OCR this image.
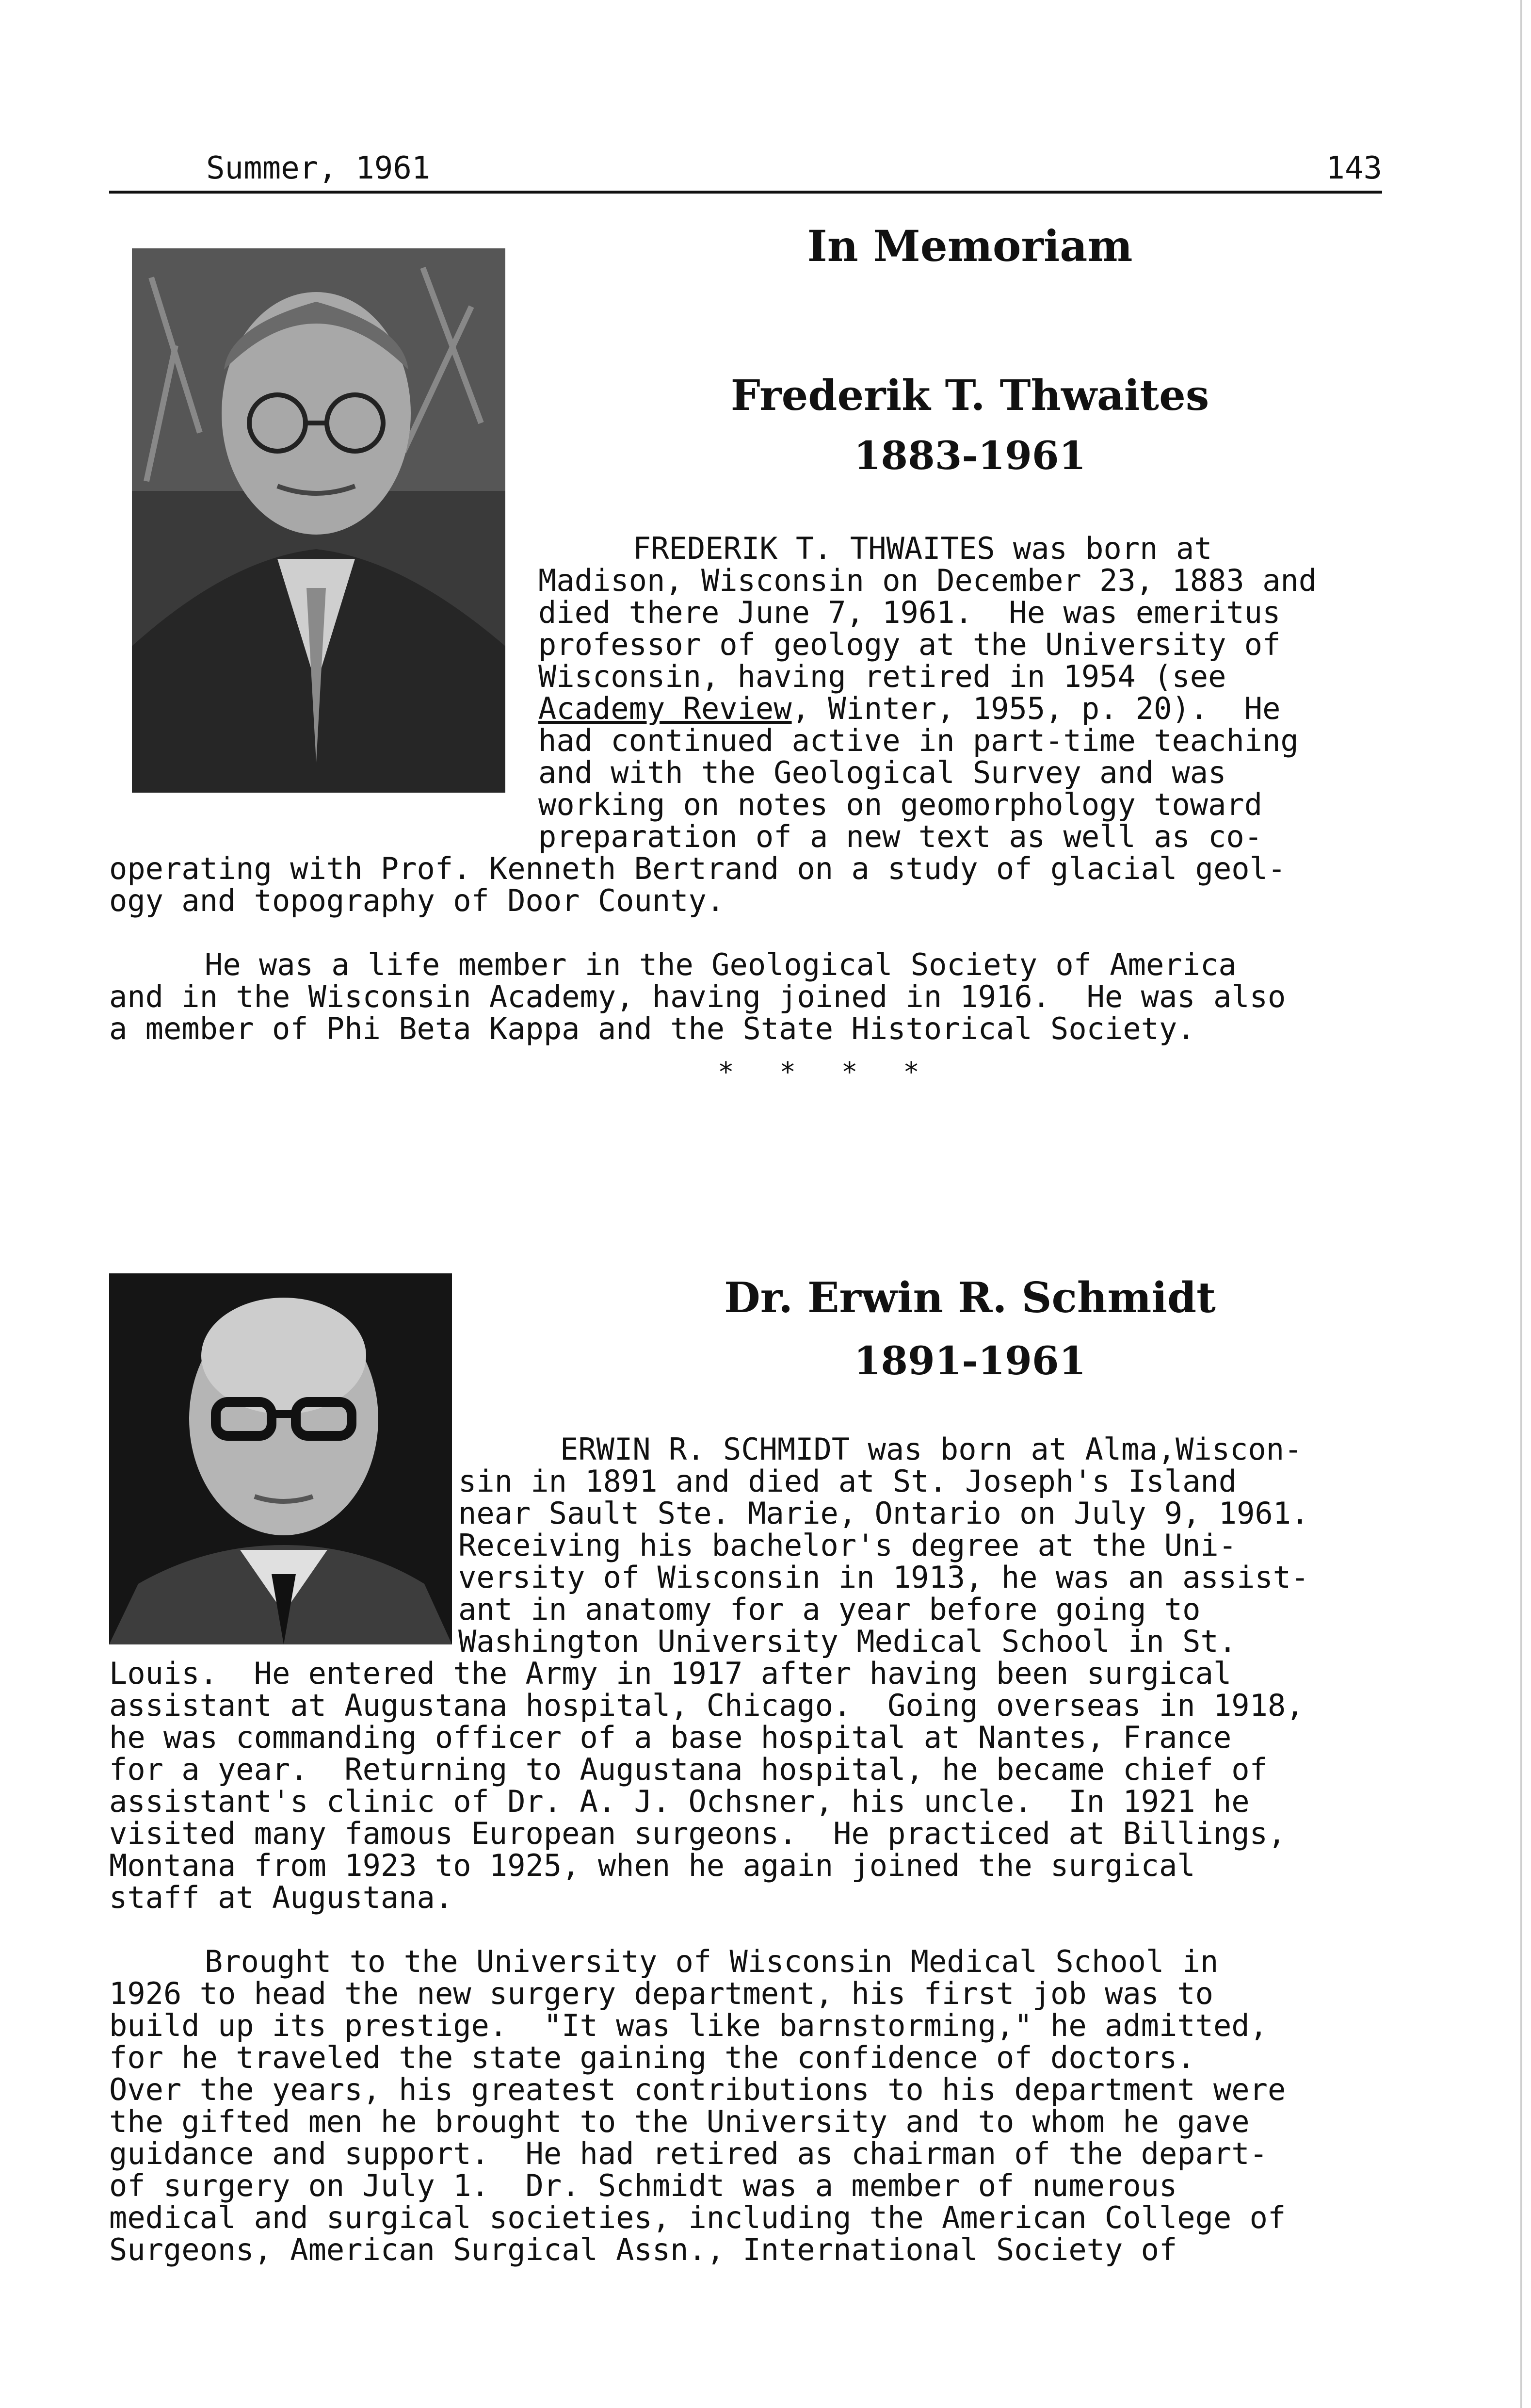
Summer, 1961	143
In Memoriam
Frederik T. Thwaites
1883-1961
FREDERIK T. THWAITES was born at
Madison, Wisconsin on December 23, 1883 and
died there June 7, 1961.  He was emeritus
professor of geology at the University of
Wisconsin, having retired in 1954 (see
Academy Review, Winter, 1955, p. 20).  He
had continued active in part-time teaching
and with the Geological Survey and was
working on notes on geomorphology toward
preparation of a new text as well as co-
operating with Prof. Kenneth Bertrand on a study of glacial geol-
ogy and topography of Door County.
He was a life member in the Geological Society of America
and in the Wisconsin Academy, having joined in 1916.  He was also
a member of Phi Beta Kappa and the State Historical Society.
* * * *
Dr. Erwin R. Schmidt
1891-1961
ERWIN R. SCHMIDT was born at Alma,Wiscon-
sin in 1891 and died at St. Joseph's Island
near Sault Ste. Marie, Ontario on July 9, 1961.
Receiving his bachelor's degree at the Uni-
versity of Wisconsin in 1913, he was an assist-
ant in anatomy for a year before going to
Washington University Medical School in St.
Louis.  He entered the Army in 1917 after having been surgical
assistant at Augustana hospital, Chicago.  Going overseas in 1918,
he was commanding officer of a base hospital at Nantes, France
for a year.  Returning to Augustana hospital, he became chief of
assistant's clinic of Dr. A. J. Ochsner, his uncle.  In 1921 he
visited many famous European surgeons.  He practiced at Billings,
Montana from 1923 to 1925, when he again joined the surgical
staff at Augustana.
Brought to the University of Wisconsin Medical School in
1926 to head the new surgery department, his first job was to
build up its prestige.  "It was like barnstorming," he admitted,
for he traveled the state gaining the confidence of doctors.
Over the years, his greatest contributions to his department were
the gifted men he brought to the University and to whom he gave
guidance and support.  He had retired as chairman of the depart-
of surgery on July 1.  Dr. Schmidt was a member of numerous
medical and surgical societies, including the American College of
Surgeons, American Surgical Assn., International Society of
